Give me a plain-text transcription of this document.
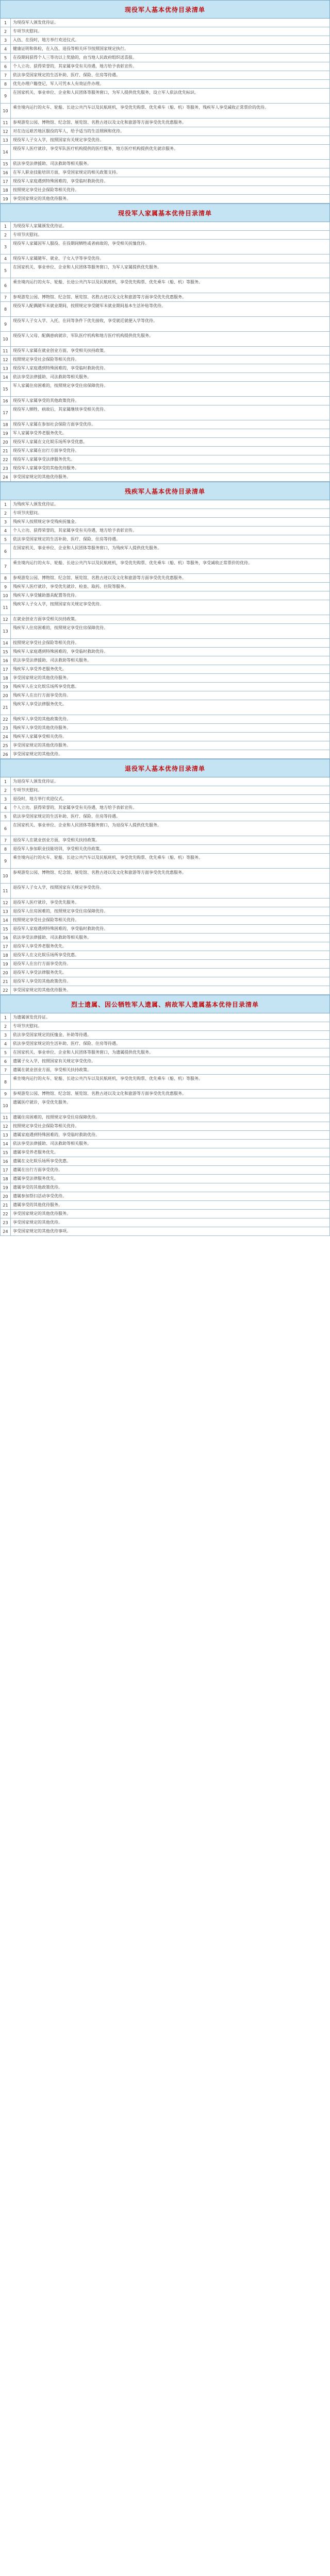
现役军人基本优待目录清单
1	为现役军人颁发优待证。
2	专项节庆慰问。
3	入伍、在役时，地方举行欢送仪式。
4	健康证明和体检，在入伍、退役等相关环节按照国家规定执行。
5	在役期间获得个人三等功以上奖励的，由当地人民政府组织送喜报。
6	个人立功、获得荣誉的，其家属享受有关待遇，地方给予表彰宣传。
7	依法享受国家规定的生活补助、医疗、保险、住房等待遇。
8	优先办理户籍登记，军人可凭本人有效证件办理。
9
在国家机关、事业单位、企业和人民团体等服务窗口，为军人提供优先服务，设立军人依法优先标识。
10
乘坐境内运行的火车、轮船、长途公共汽车以及民航班机，享受优先购票、优先乘车（船、机）等服务，残疾军人享受减收正常票价的优待。
11	参观游览公园、博物馆、纪念馆、展览馆、名胜古迹以及文化和旅游等方面享受优先优惠服务。
12	对在边远艰苦地区服役的军人，给予适当的生活照顾和优待。
13	现役军人子女入学，按照国家有关规定享受优待。
14
现役军人医疗就诊，享受军队医疗机构提供的医疗服务，地方医疗机构提供优先就诊服务。
15	依法享受法律援助、司法救助等相关服务。
16	在军人职业技能培训方面，享受国家规定的相关政策支持。
17	现役军人家庭遇到特殊困难的，享受临时救助优待。
18	按照规定享受社会保险等相关优待。
19	享受国家规定的其他优待服务。
现役军人家属基本优待目录清单
1	为现役军人家属颁发优待证。
2	专项节庆慰问。
3
现役军人家属因军人服役、在役期间牺牲或者病故的，享受相关抚恤优待。
4	现役军人家属随军、就业、子女入学等享受优待。
5
在国家机关、事业单位、企业和人民团体等服务窗口，为军人家属提供优先服务。
6
乘坐境内运行的火车、轮船、长途公共汽车以及民航班机，享受优先购票、优先乘车（船、机）等服务。
7	参观游览公园、博物馆、纪念馆、展览馆、名胜古迹以及文化和旅游等方面享受优先优惠服务。
8
现役军人配偶随军未就业期间，按照规定享受随军未就业期间基本生活补贴等优待。
9
现役军人子女入学、入托，在同等条件下优先接收，享受就近就便入学等优待。
10
现役军人父母、配偶患病就诊，军队医疗机构和地方医疗机构提供优先服务。
11	现役军人家属在就业创业方面，享受相关扶持政策。
12	按照规定享受社会保险等相关优待。
13	现役军人家庭遇到特殊困难的，享受临时救助优待。
14	依法享受法律援助、司法救助等相关服务。
15
军人家属住房困难的，按照规定享受住房保障优待。
16	现役军人家属享受的其他政策优待。
17
现役军人牺牲、病故后，其家属继续享受相关优待。
18	现役军人家属在参加社会保险方面享受优待。
19	军人家属享受养老服务优先。
20	现役军人家属在文化娱乐场所享受优惠。
21	现役军人家属在出行方面享受优待。
22	现役军人家属享受法律服务优先。
23	现役军人家属享受的其他优待服务。
24	享受国家规定的其他优待服务。
残疾军人基本优待目录清单
1	为残疾军人颁发优待证。
2	专项节庆慰问。
3	残疾军人按照规定享受残疾抚恤金。
4	个人立功、获得荣誉的，其家属享受有关待遇，地方给予表彰宣传。
5	依法享受国家规定的生活补助、医疗、保险、住房等待遇。
6
在国家机关、事业单位、企业和人民团体等服务窗口，为残疾军人提供优先服务。
7
乘坐境内运行的火车、轮船、长途公共汽车以及民航班机，享受优先购票、优先乘车（船、机）等服务，享受减收正常票价的优待。
8	参观游览公园、博物馆、纪念馆、展览馆、名胜古迹以及文化和旅游等方面享受优先优惠服务。
9	残疾军人医疗就诊，享受优先就诊、检查、取药、住院等服务。
10	残疾军人享受辅助器具配置等优待。
11
残疾军人子女入学，按照国家有关规定享受优待。
12	在就业创业方面享受相关扶持政策。
13
残疾军人住房困难的，按照规定享受住房保障优待。
14	按照规定享受社会保险等相关优待。
15	残疾军人家庭遇到特殊困难的，享受临时救助优待。
16	依法享受法律援助、司法救助等相关服务。
17	残疾军人享受养老服务优先。
18	享受国家规定的其他优待服务。
19	残疾军人在文化娱乐场所享受优惠。
20	残疾军人在出行方面享受优待。
21
残疾军人享受法律服务优先。
22	残疾军人享受的其他政策优待。
23	残疾军人享受的其他优待服务。
24	残疾军人家属享受相关优待。
25	享受国家规定的其他优待服务。
26	享受国家规定的其他优待。
退役军人基本优待目录清单
1	为退役军人颁发优待证。
2	专项节庆慰问。
3	退役时，地方举行欢迎仪式。
4	个人立功、获得荣誉的，其家属享受有关待遇，地方给予表彰宣传。
5	依法享受国家规定的生活补助、医疗、保险、住房等待遇。
6
在国家机关、事业单位、企业和人民团体等服务窗口，为退役军人提供优先服务。
7	退役军人在就业创业方面，享受相关扶持政策。
8	退役军人参加职业技能培训，享受相关优待政策。
9
乘坐境内运行的火车、轮船、长途公共汽车以及民航班机，享受优先购票、优先乘车（船、机）等服务。
10
参观游览公园、博物馆、纪念馆、展览馆、名胜古迹以及文化和旅游等方面享受优先优惠服务。
11
退役军人子女入学，按照国家有关规定享受优待。
12	退役军人医疗就诊，享受优先服务。
13	退役军人住房困难的，按照规定享受住房保障优待。
14	按照规定享受社会保险等相关优待。
15	退役军人家庭遇到特殊困难的，享受临时救助优待。
16	依法享受法律援助、司法救助等相关服务。
17	退役军人享受养老服务优先。
18	退役军人在文化娱乐场所享受优惠。
19	退役军人在出行方面享受优待。
20	退役军人享受法律服务优先。
21	退役军人享受的其他政策优待。
22	享受国家规定的其他优待服务。
烈士遗属、因公牺牲军人遗属、病故军人遗属基本优待目录清单
1	为遗属颁发优待证。
2	专项节庆慰问。
3	依法享受国家规定的抚恤金、补助等待遇。
4	依法享受国家规定的生活补助、医疗、保险、住房等待遇。
5	在国家机关、事业单位、企业和人民团体等服务窗口，为遗属提供优先服务。
6	遗属子女入学，按照国家有关规定享受优待。
7	遗属在就业创业方面，享受相关扶持政策。
8
乘坐境内运行的火车、轮船、长途公共汽车以及民航班机，享受优先购票、优先乘车（船、机）等服务。
9	参观游览公园、博物馆、纪念馆、展览馆、名胜古迹以及文化和旅游等方面享受优先优惠服务。
10
遗属医疗就诊，享受优先服务。
11	遗属住房困难的，按照规定享受住房保障优待。
12	按照规定享受社会保险等相关优待。
13	遗属家庭遇到特殊困难的，享受临时救助优待。
14	依法享受法律援助、司法救助等相关服务。
15	遗属享受养老服务优先。
16	遗属在文化娱乐场所享受优惠。
17	遗属在出行方面享受优待。
18	遗属享受法律服务优先。
19	遗属享受的其他政策优待。
20	遗属参加祭扫活动享受优待。
21	遗属享受的其他优待服务。
22	享受国家规定的其他优待服务。
23	享受国家规定的其他优待。
24	享受国家规定的其他优待事项。
